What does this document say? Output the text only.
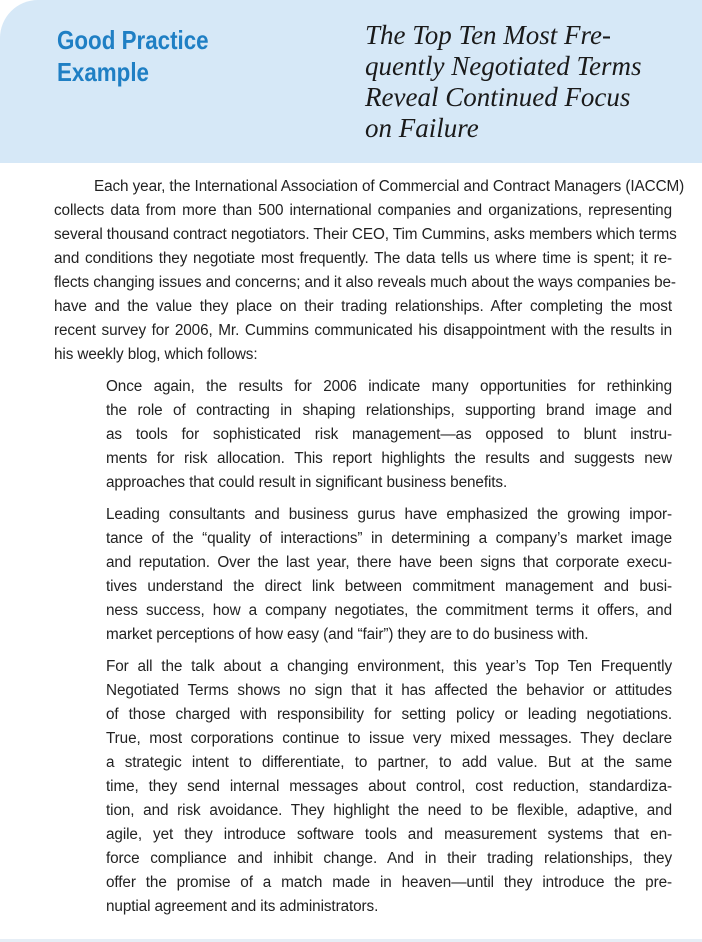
Good Practice
Example
The Top Ten Most Fre-
quently Negotiated Terms
Reveal Continued Focus
on Failure
Each year, the International Association of Commercial and Contract Managers (IACCM)
collects data from more than 500 international companies and organizations, representing
several thousand contract negotiators. Their CEO, Tim Cummins, asks members which terms
and conditions they negotiate most frequently. The data tells us where time is spent; it re-
flects changing issues and concerns; and it also reveals much about the ways companies be-
have and the value they place on their trading relationships. After completing the most
recent survey for 2006, Mr. Cummins communicated his disappointment with the results in
his weekly blog, which follows:
Once again, the results for 2006 indicate many opportunities for rethinking
the role of contracting in shaping relationships, supporting brand image and
as tools for sophisticated risk management—as opposed to blunt instru-
ments for risk allocation. This report highlights the results and suggests new
approaches that could result in significant business benefits.
Leading consultants and business gurus have emphasized the growing impor-
tance of the “quality of interactions” in determining a company’s market image
and reputation. Over the last year, there have been signs that corporate execu-
tives understand the direct link between commitment management and busi-
ness success, how a company negotiates, the commitment terms it offers, and
market perceptions of how easy (and “fair”) they are to do business with.
For all the talk about a changing environment, this year’s Top Ten Frequently
Negotiated Terms shows no sign that it has affected the behavior or attitudes
of those charged with responsibility for setting policy or leading negotiations.
True, most corporations continue to issue very mixed messages. They declare
a strategic intent to differentiate, to partner, to add value. But at the same
time, they send internal messages about control, cost reduction, standardiza-
tion, and risk avoidance. They highlight the need to be flexible, adaptive, and
agile, yet they introduce software tools and measurement systems that en-
force compliance and inhibit change. And in their trading relationships, they
offer the promise of a match made in heaven—until they introduce the pre-
nuptial agreement and its administrators.
